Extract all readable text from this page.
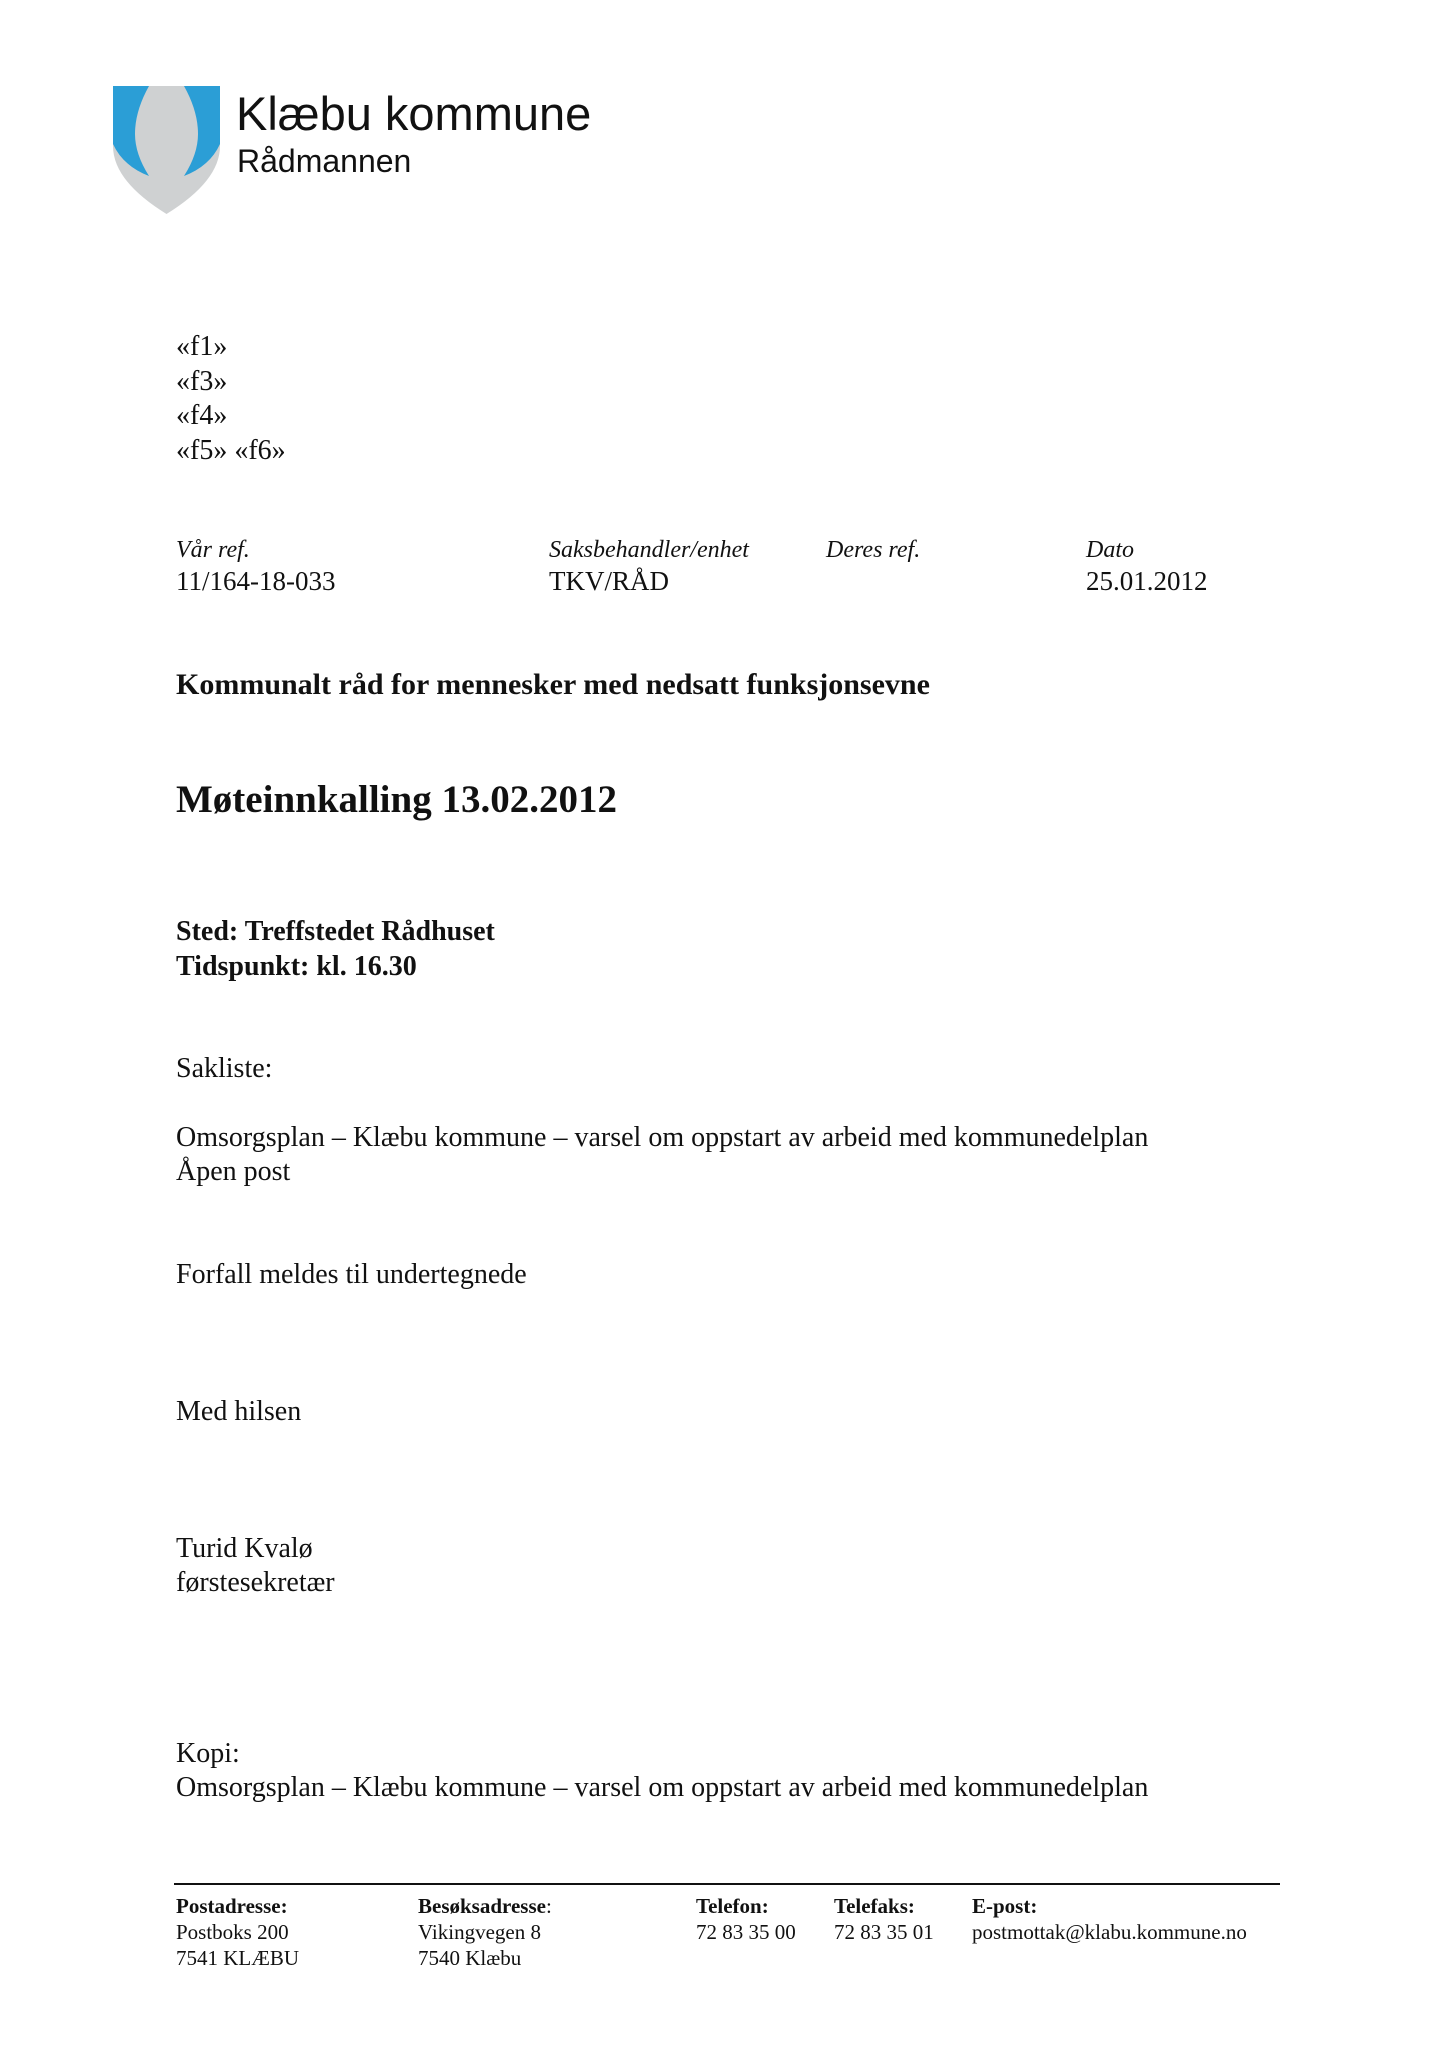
Klæbu kommune
Rådmannen
«f1»
«f3»
«f4»
«f5» «f6»
Vår ref.
11/164-18-033
Saksbehandler/enhet
TKV/RÅD
Deres ref.	Dato
25.01.2012
Kommunalt råd for mennesker med nedsatt funksjonsevne
Møteinnkalling 13.02.2012
Sted: Treffstedet Rådhuset
Tidspunkt: kl. 16.30
Sakliste:
Omsorgsplan – Klæbu kommune – varsel om oppstart av arbeid med kommunedelplan
Åpen post
Forfall meldes til undertegnede
Med hilsen
Turid Kvalø
førstesekretær
Kopi:
Omsorgsplan – Klæbu kommune – varsel om oppstart av arbeid med kommunedelplan
Postadresse:
Postboks 200
7541 KLÆBU
Besøksadresse:
Vikingvegen 8
7540 Klæbu
Telefon:
72 83 35 00
Telefaks:
72 83 35 01
E-post:
postmottak@klabu.kommune.no
